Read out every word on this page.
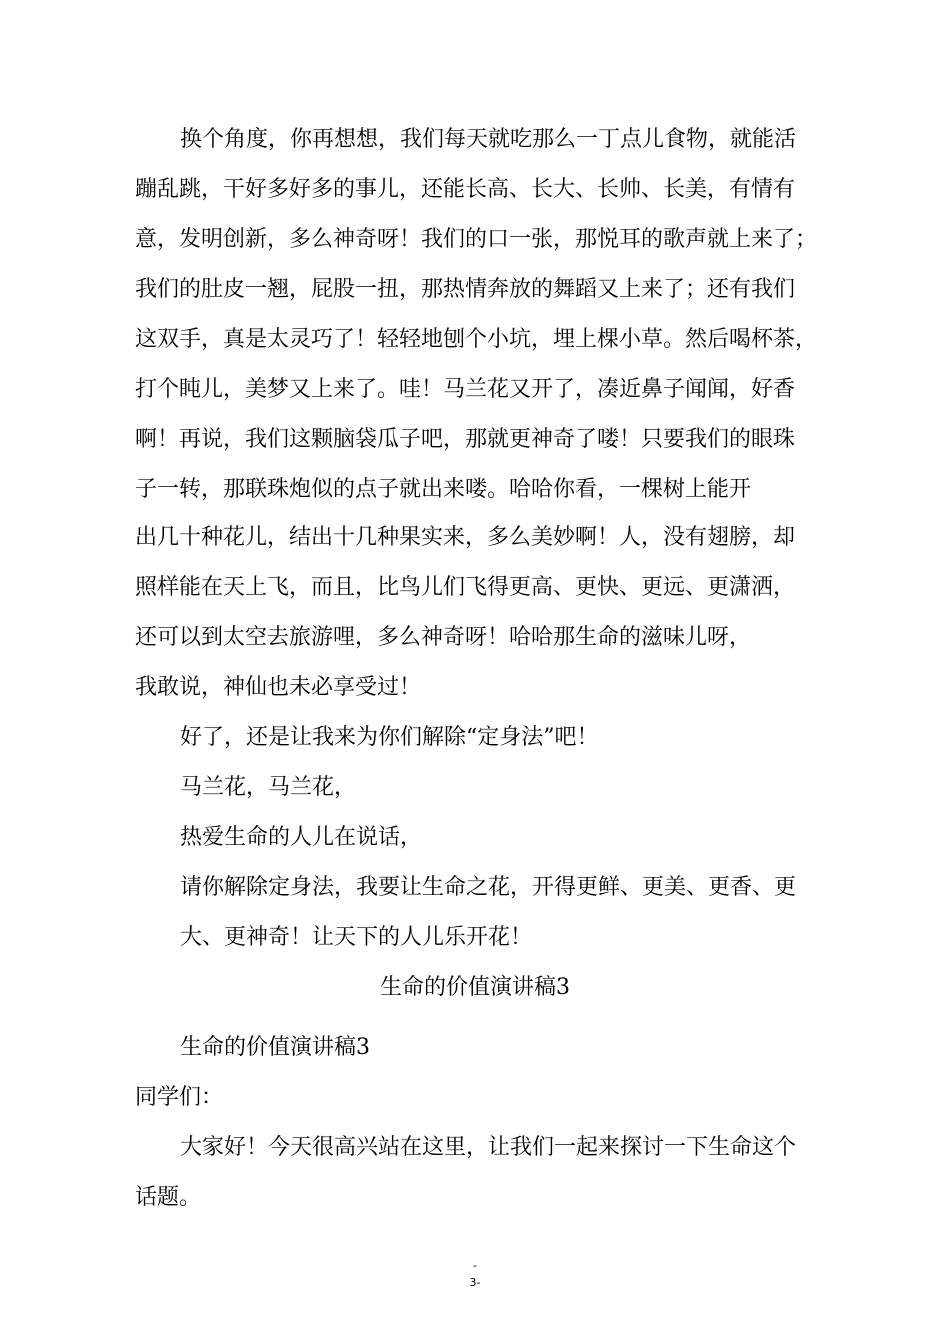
换个角度，你再想想，我们每天就吃那么一丁点儿食物，就能活
蹦乱跳，干好多好多的事儿，还能长高、长大、长帅、长美，有情有
意，发明创新，多么神奇呀！我们的口一张，那悦耳的歌声就上来了；
我们的肚皮一翘，屁股一扭，那热情奔放的舞蹈又上来了；还有我们
这双手，真是太灵巧了！轻轻地刨个小坑，埋上棵小草。然后喝杯茶，
打个盹儿，美梦又上来了。哇！马兰花又开了，凑近鼻子闻闻，好香
啊！再说，我们这颗脑袋瓜子吧，那就更神奇了喽！只要我们的眼珠
子一转，那联珠炮似的点子就出来喽。哈哈你看，一棵树上能开
出几十种花儿，结出十几种果实来，多么美妙啊！人，没有翅膀，却
照样能在天上飞，而且，比鸟儿们飞得更高、更快、更远、更潇洒，
还可以到太空去旅游哩，多么神奇呀！哈哈那生命的滋味儿呀，
我敢说，神仙也未必享受过！
好了，还是让我来为你们解除“定身法”吧！
马兰花，马兰花，
热爱生命的人儿在说话，
请你解除定身法，我要让生命之花，开得更鲜、更美、更香、更
大、更神奇！让天下的人儿乐开花！
生命的价值演讲稿3
生命的价值演讲稿3
同学们：
大家好！今天很高兴站在这里，让我们一起来探讨一下生命这个
话题。
-
3-
